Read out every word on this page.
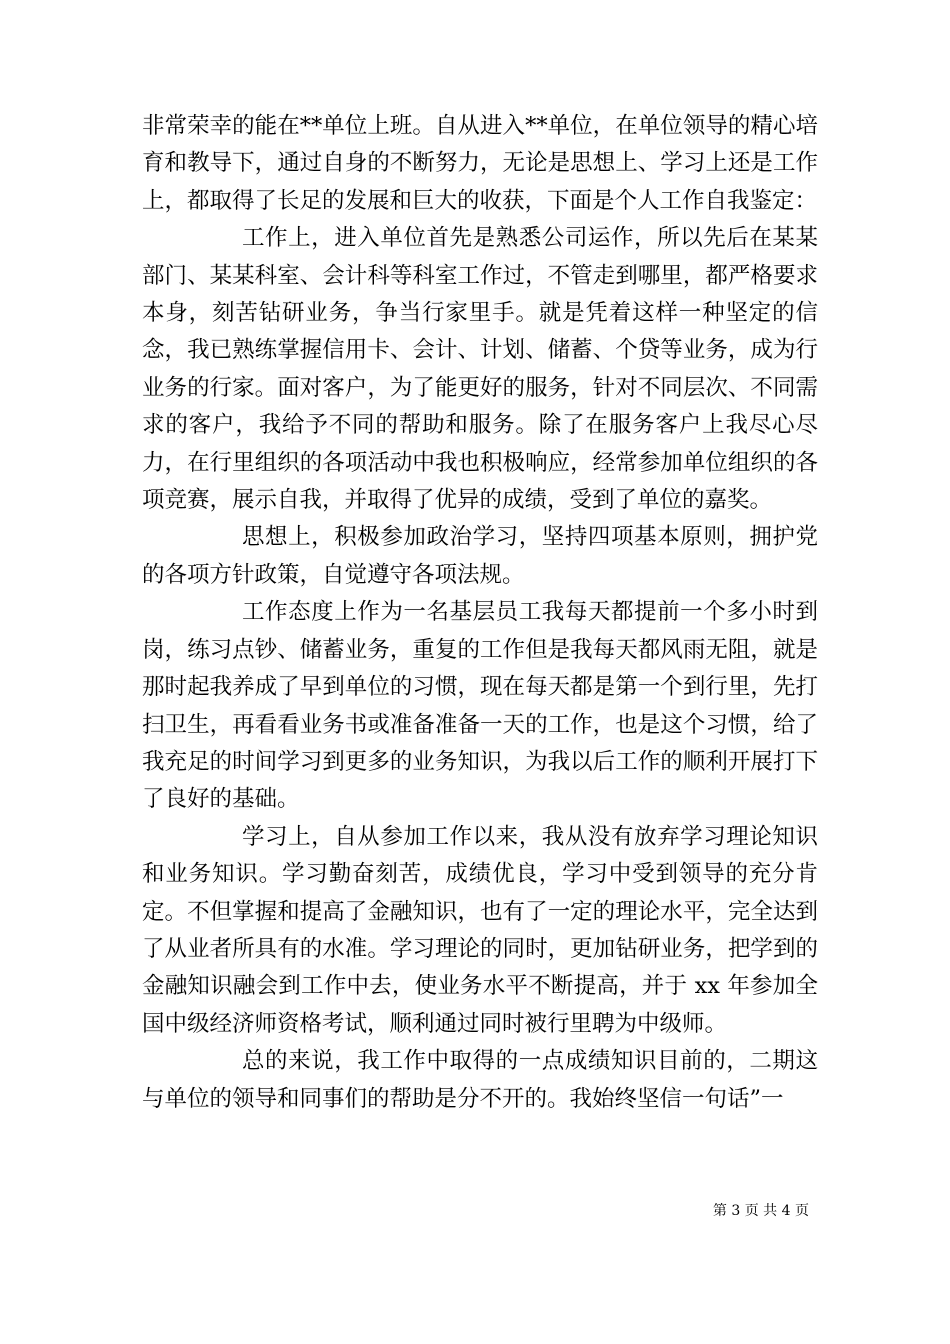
非常荣幸的能在**单位上班。自从进入**单位，在单位领导的精心培育和教导下，通过自身的不断努力，无论是思想上、学习上还是工作上，都取得了长足的发展和巨大的收获，下面是个人工作自我鉴定：

工作上，进入单位首先是熟悉公司运作，所以先后在某某部门、某某科室、会计科等科室工作过，不管走到哪里，都严格要求本身，刻苦钻研业务，争当行家里手。就是凭着这样一种坚定的信念，我已熟练掌握信用卡、会计、计划、储蓄、个贷等业务，成为行业务的行家。面对客户，为了能更好的服务，针对不同层次、不同需求的客户，我给予不同的帮助和服务。除了在服务客户上我尽心尽力，在行里组织的各项活动中我也积极响应，经常参加单位组织的各项竞赛，展示自我，并取得了优异的成绩，受到了单位的嘉奖。

思想上，积极参加政治学习，坚持四项基本原则，拥护党的各项方针政策，自觉遵守各项法规。

工作态度上作为一名基层员工我每天都提前一个多小时到岗，练习点钞、储蓄业务，重复的工作但是我每天都风雨无阻，就是那时起我养成了早到单位的习惯，现在每天都是第一个到行里，先打扫卫生，再看看业务书或准备准备一天的工作，也是这个习惯，给了我充足的时间学习到更多的业务知识，为我以后工作的顺利开展打下了良好的基础。

学习上，自从参加工作以来，我从没有放弃学习理论知识和业务知识。学习勤奋刻苦，成绩优良，学习中受到领导的充分肯定。不但掌握和提高了金融知识，也有了一定的理论水平，完全达到了从业者所具有的水准。学习理论的同时，更加钻研业务，把学到的金融知识融会到工作中去，使业务水平不断提高，并于 xx 年参加全国中级经济师资格考试，顺利通过同时被行里聘为中级师。

总的来说，我工作中取得的一点成绩知识目前的，二期这与单位的领导和同事们的帮助是分不开的。我始终坚信一句话”一

第 3 页 共 4 页
